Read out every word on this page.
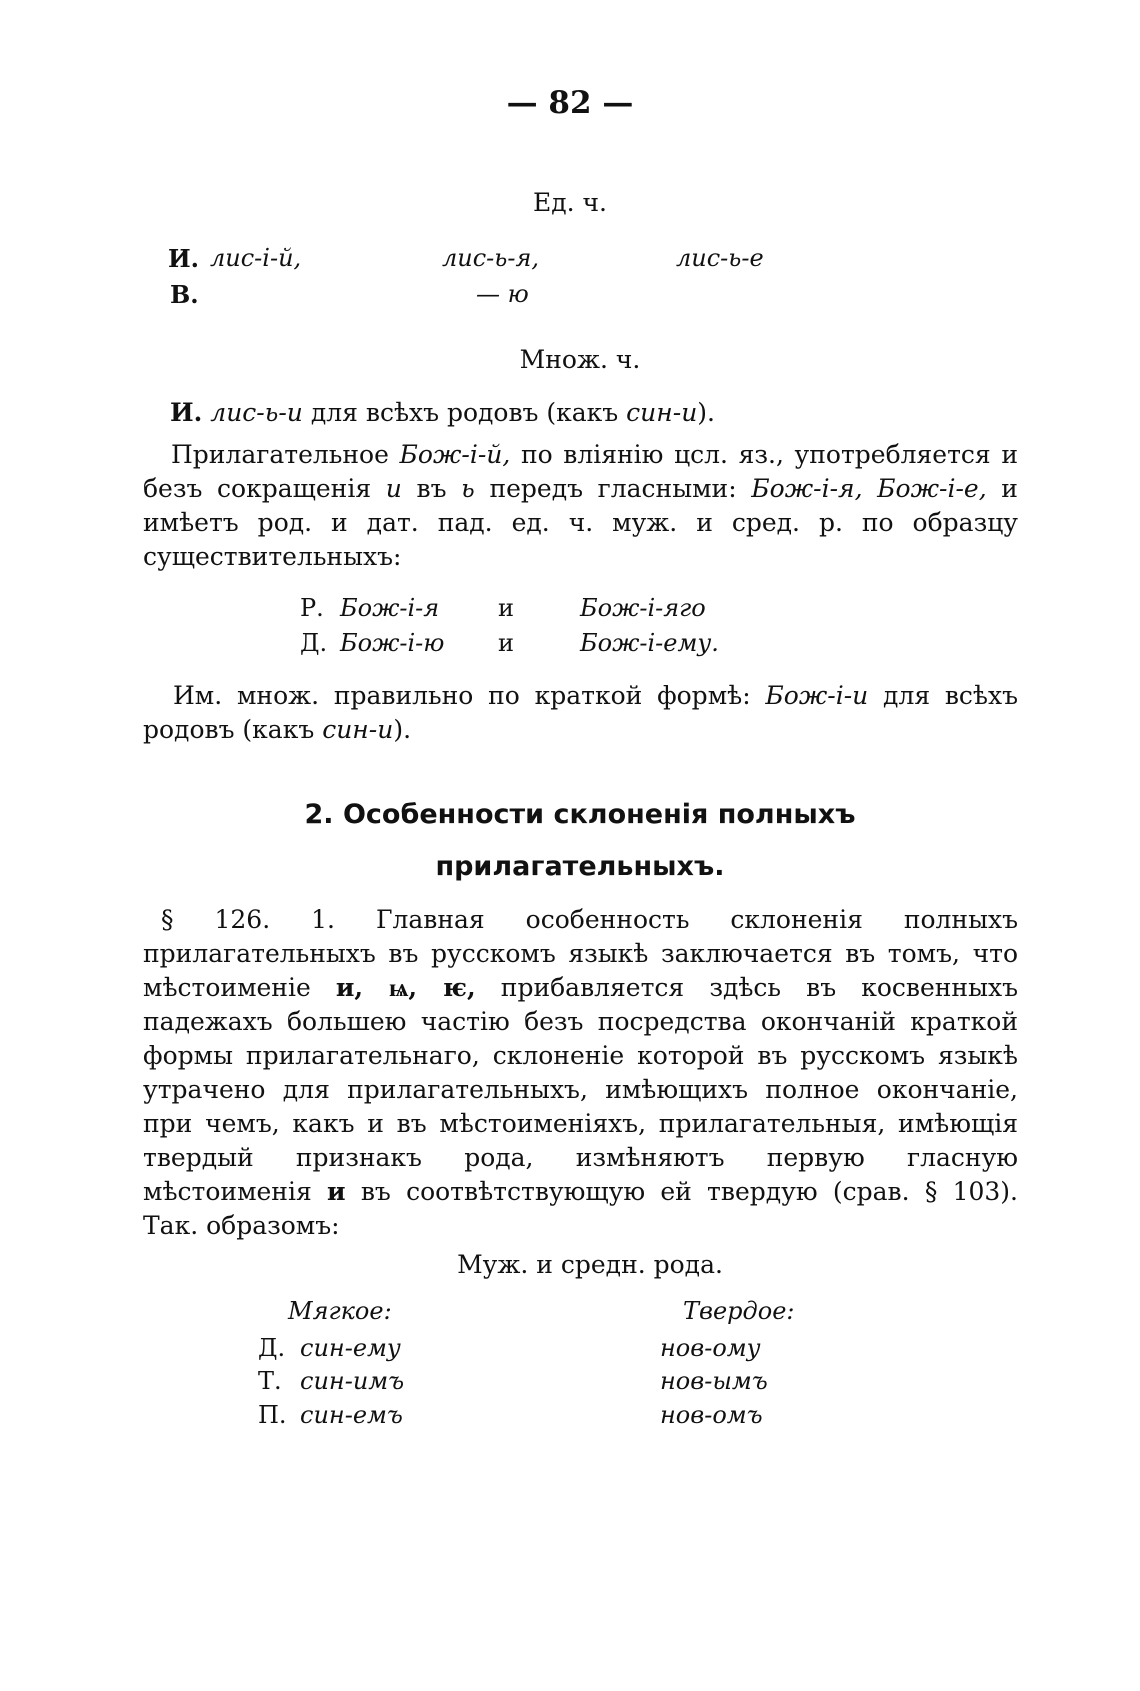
— 82 —
Ед. ч.
И. лис-і-й,	лис-ь-я,	лис-ь-е
В.	— ю
Множ. ч.
И. лис-ь-и для всѣхъ родовъ (какъ син-и).
Прилагательное Бож-і-й, по вліянію цсл. яз., употребляется и безъ сокращенія и въ ь передъ гласными: Бож-і-я, Бож-і-е, и имѣетъ род. и дат. пад. ед. ч. муж. и сред. р. по образцу существительныхъ:
Р. Бож-і-я и	Бож-і-яго
Д. Бож-і-ю и	Бож-і-ему.
Им. множ. правильно по краткой формѣ: Бож-і-и для всѣхъ родовъ (какъ син-и).
2. Особенности склоненія полныхъ прилагательныхъ.
§ 126. 1. Главная особенность склоненія полныхъ прилагательныхъ въ русскомъ языкѣ заключается въ томъ, что мѣстоименіе и, ѩ, ѥ, прибавляется здѣсь въ косвенныхъ падежахъ большею частію безъ посредства окончаній краткой формы прилагательнаго, склоненіе которой въ русскомъ языкѣ утрачено для прилагательныхъ, имѣющихъ полное окончаніе, при чемъ, какъ и въ мѣстоименіяхъ, прилагательныя, имѣющія твердый признакъ рода, измѣняютъ первую гласную мѣстоименія и въ соотвѣтствующую ей твердую (срав. § 103). Так. образомъ:
Муж. и средн. рода.
Мягкое:	Твердое:
Д. син-ему	нов-ому
Т. син-имъ	нов-ымъ
П. син-емъ	нов-омъ
